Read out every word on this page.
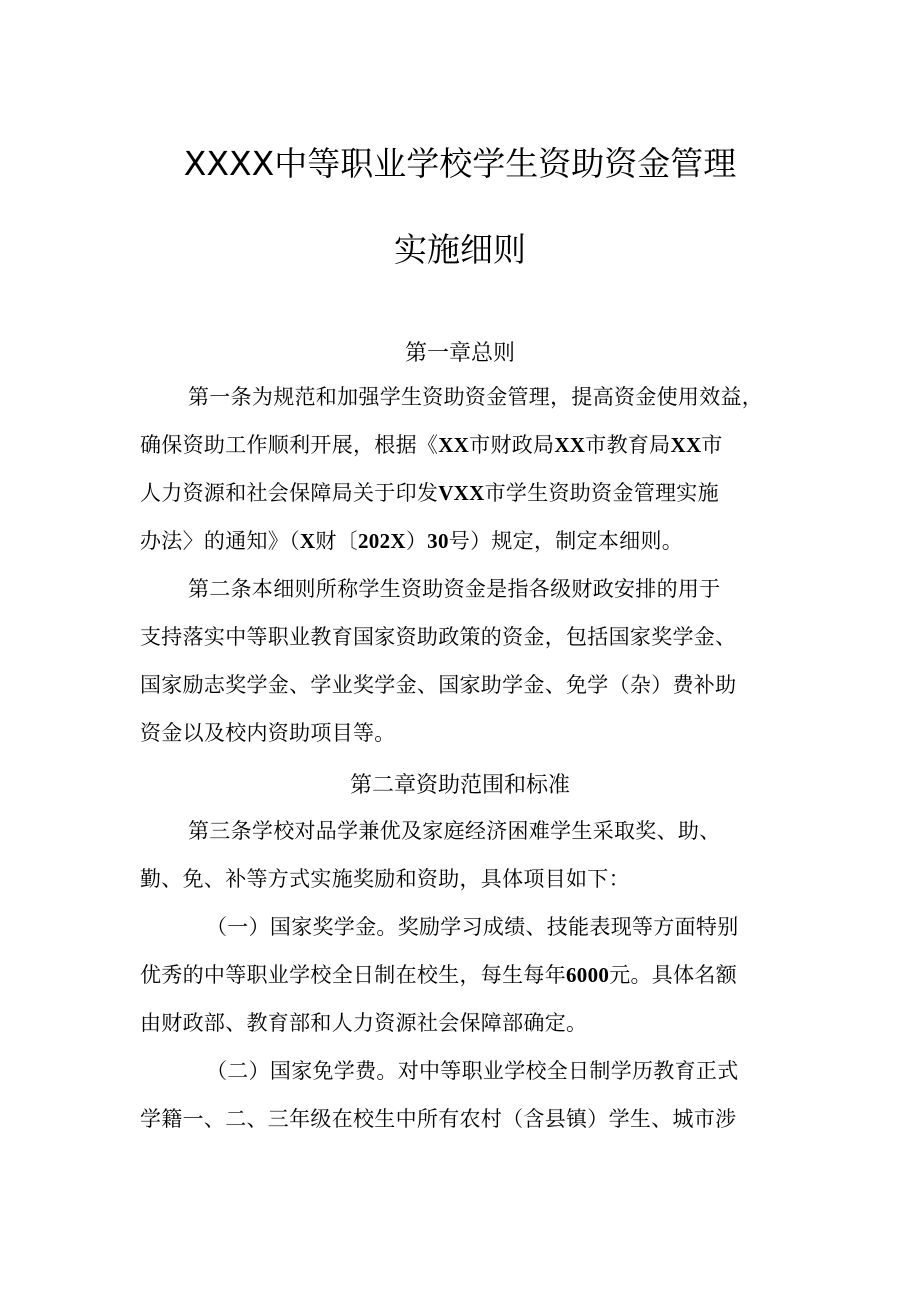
XXXX中等职业学校学生资助资金管理
实施细则
第一章总则
第一条为规范和加强学生资助资金管理，提高资金使用效益，
确保资助工作顺利开展，根据《XX市财政局XX市教育局XX市
人力资源和社会保障局关于印发VXX市学生资助资金管理实施
办法〉的通知》（X财〔202X）30号）规定，制定本细则。
第二条本细则所称学生资助资金是指各级财政安排的用于
支持落实中等职业教育国家资助政策的资金，包括国家奖学金、
国家励志奖学金、学业奖学金、国家助学金、免学（杂）费补助
资金以及校内资助项目等。
第二章资助范围和标准
第三条学校对品学兼优及家庭经济困难学生采取奖、助、
勤、免、补等方式实施奖励和资助，具体项目如下：
（一）国家奖学金。奖励学习成绩、技能表现等方面特别
优秀的中等职业学校全日制在校生，每生每年6000元。具体名额
由财政部、教育部和人力资源社会保障部确定。
（二）国家免学费。对中等职业学校全日制学历教育正式
学籍一、二、三年级在校生中所有农村（含县镇）学生、城市涉
